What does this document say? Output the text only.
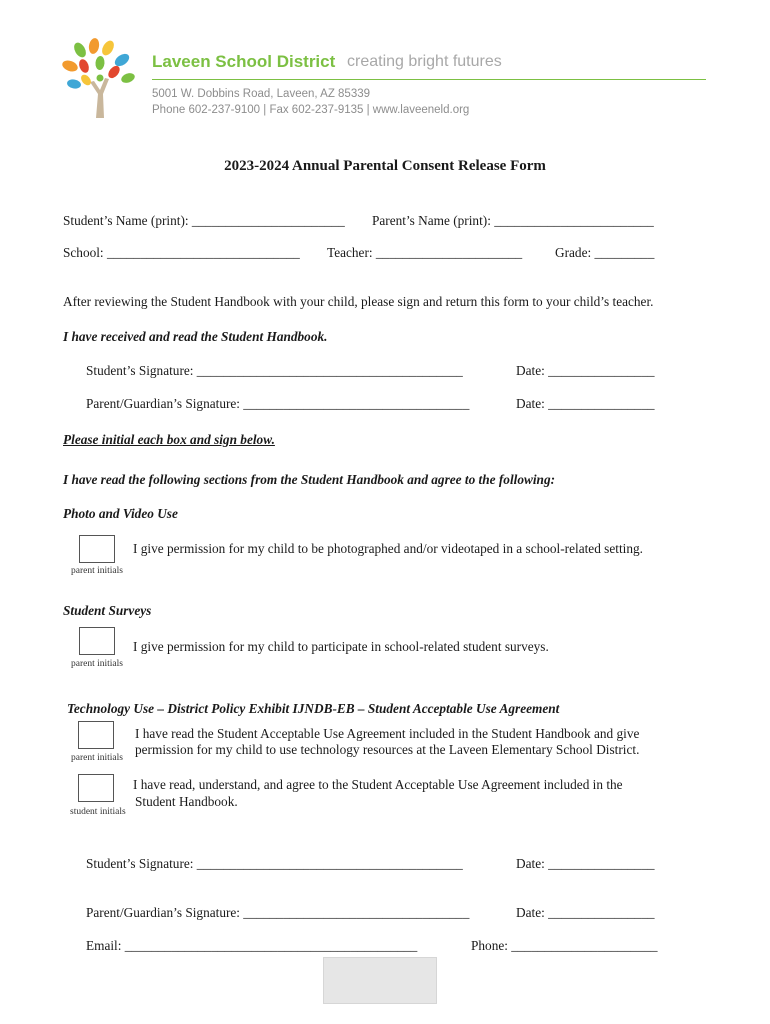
Laveen School District creating bright futures
5001 W. Dobbins Road, Laveen, AZ 85339
Phone 602-237-9100 | Fax 602-237-9135 | www.laveeneld.org
2023-2024 Annual Parental Consent Release Form
Student’s Name (print): _______________________ Parent’s Name (print): ________________________
School: _____________________________ Teacher: ______________________ Grade: _________
After reviewing the Student Handbook with your child, please sign and return this form to your child’s teacher.
I have received and read the Student Handbook.
Student’s Signature: ________________________________________	Date: ________________
Parent/Guardian’s Signature: __________________________________	Date: ________________
Please initial each box and sign below.
I have read the following sections from the Student Handbook and agree to the following:
Photo and Video Use
parent initials
I give permission for my child to be photographed and/or videotaped in a school-related setting.
Student Surveys
parent initials
I give permission for my child to participate in school-related student surveys.
Technology Use – District Policy Exhibit IJNDB-EB – Student Acceptable Use Agreement
parent initials
I have read the Student Acceptable Use Agreement included in the Student Handbook and give
permission for my child to use technology resources at the Laveen Elementary School District.
student initials
I have read, understand, and agree to the Student Acceptable Use Agreement included in the
Student Handbook.
Student’s Signature: ________________________________________	Date: ________________
Parent/Guardian’s Signature: __________________________________	Date: ________________
Email: ____________________________________________	Phone: ______________________
